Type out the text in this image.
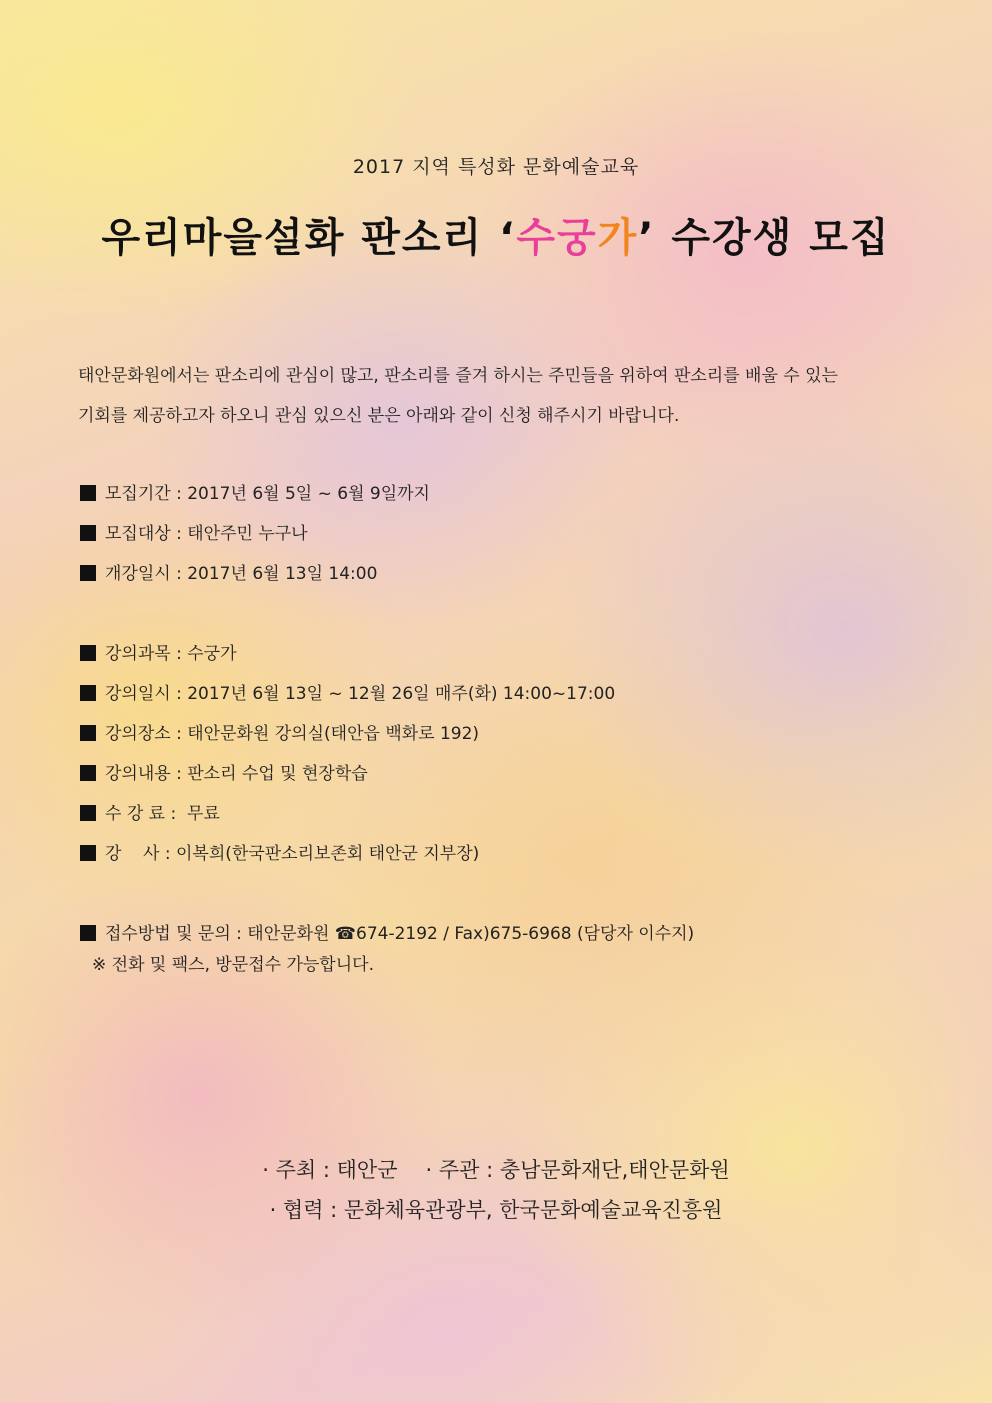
2017 지역 특성화 문화예술교육
우리마을설화 판소리 ‘수궁가’ 수강생 모집

태안문화원에서는 판소리에 관심이 많고, 판소리를 즐겨 하시는 주민들을 위하여 판소리를 배울 수 있는

기회를 제공하고자 하오니 관심 있으신 분은 아래와 같이 신청 해주시기 바랍니다.

모집기간 : 2017년 6월 5일 ~ 6월 9일까지
모집대상 : 태안주민 누구나
개강일시 : 2017년 6월 13일 14:00
강의과목 : 수궁가
강의일시 : 2017년 6월 13일 ~ 12월 26일 매주(화) 14:00~17:00
강의장소 : 태안문화원 강의실(태안읍 백화로 192)
강의내용 : 판소리 수업 및 현장학습
수 강 료 :  무료
강    사 : 이복희(한국판소리보존회 태안군 지부장)
접수방법 및 문의 : 태안문화원 ☎674-2192 / Fax)675-6968 (담당자 이수지)
※ 전화 및 팩스, 방문접수 가능합니다.

· 주최 : 태안군 · 주관 : 충남문화재단,태안문화원

· 협력 : 문화체육관광부, 한국문화예술교육진흥원
